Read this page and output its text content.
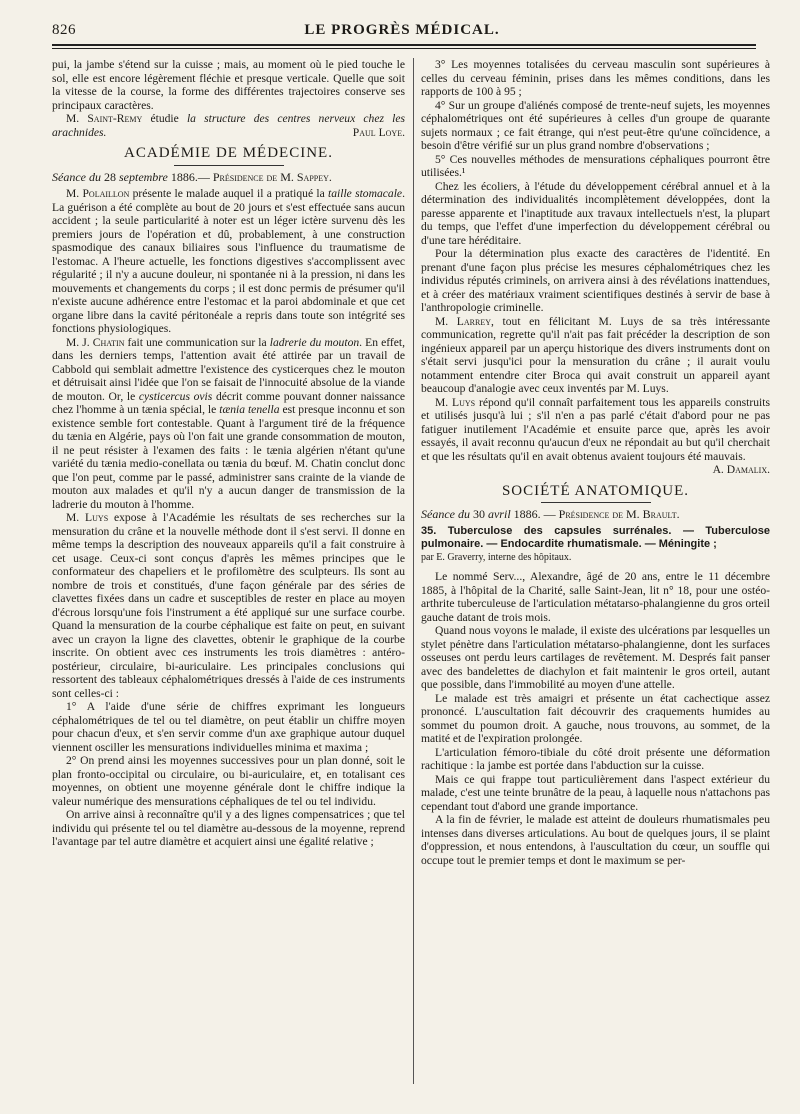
826	LE PROGRÈS MÉDICAL.

pui, la jambe s'étend sur la cuisse ; mais, au moment où le pied touche le sol, elle est encore légèrement fléchie et presque verticale. Quelle que soit la vitesse de la course, la forme des différentes trajectoires conserve ses principaux caractères.

M. Saint-Remy étudie la structure des centres nerveux chez les arachnides.	Paul Loye.

ACADÉMIE DE MÉDECINE.

Séance du 28 septembre 1886.— Présidence de M. Sappey.

M. Polaillon présente le malade auquel il a pratiqué la taille stomacale. La guérison a été complète au bout de 20 jours et s'est effectuée sans aucun accident ; la seule particularité à noter est un léger ictère survenu dès les premiers jours de l'opération et dû, probablement, à une construction spasmodique des canaux biliaires sous l'influence du traumatisme de l'estomac. A l'heure actuelle, les fonctions digestives s'accomplissent avec régularité ; il n'y a aucune douleur, ni spontanée ni à la pression, ni dans les mouvements et changements du corps ; il est donc permis de présumer qu'il n'existe aucune adhérence entre l'estomac et la paroi abdominale et que cet organe libre dans la cavité péritonéale a repris dans toute son intégrité ses fonctions physiologiques.

M. J. Chatin fait une communication sur la ladrerie du mouton. En effet, dans les derniers temps, l'attention avait été attirée par un travail de Cabbold qui semblait admettre l'existence des cysticerques chez le mouton et détruisait ainsi l'idée que l'on se faisait de l'innocuité absolue de la viande de mouton. Or, le cysticercus ovis décrit comme pouvant donner naissance chez l'homme à un tænia spécial, le tænia tenella est presque inconnu et son existence semble fort contestable. Quant à l'argument tiré de la fréquence du tænia en Algérie, pays où l'on fait une grande consommation de mouton, il ne peut résister à l'examen des faits : le tænia algérien n'étant qu'une variété du tænia medio-conellata ou tænia du bœuf. M. Chatin conclut donc que l'on peut, comme par le passé, administrer sans crainte de la viande de mouton aux malades et qu'il n'y a aucun danger de transmission de la ladrerie du mouton à l'homme.

M. Luys expose à l'Académie les résultats de ses recherches sur la mensuration du crâne et la nouvelle méthode dont il s'est servi. Il donne en même temps la description des nouveaux appareils qu'il a fait construire à cet usage. Ceux-ci sont conçus d'après les mêmes principes que le conformateur des chapeliers et le profilomètre des sculpteurs. Ils sont au nombre de trois et constitués, d'une façon générale par des séries de clavettes fixées dans un cadre et susceptibles de rester en place au moyen d'écrous lorsqu'une fois l'instrument a été appliqué sur une surface courbe. Quand la mensuration de la courbe céphalique est faite on peut, en suivant avec un crayon la ligne des clavettes, obtenir le graphique de la courbe inscrite. On obtient avec ces instruments les trois diamètres : antéro-postérieur, circulaire, bi-auriculaire. Les principales conclusions qui ressortent des tableaux céphalométriques dressés à l'aide de ces instruments sont celles-ci :

1° A l'aide d'une série de chiffres exprimant les longueurs céphalométriques de tel ou tel diamètre, on peut établir un chiffre moyen pour chacun d'eux, et s'en servir comme d'un axe graphique autour duquel viennent osciller les mensurations individuelles minima et maxima ;

2° On prend ainsi les moyennes successives pour un plan donné, soit le plan fronto-occipital ou circulaire, ou bi-auriculaire, et, en totalisant ces moyennes, on obtient une moyenne générale dont le chiffre indique la valeur numérique des mensurations céphaliques de tel ou tel individu.

On arrive ainsi à reconnaître qu'il y a des lignes compensatrices ; que tel individu qui présente tel ou tel diamètre au-dessous de la moyenne, reprend l'avantage par tel autre diamètre et acquiert ainsi une égalité relative ;

3° Les moyennes totalisées du cerveau masculin sont supérieures à celles du cerveau féminin, prises dans les mêmes conditions, dans les rapports de 100 à 95 ;

4° Sur un groupe d'aliénés composé de trente-neuf sujets, les moyennes céphalométriques ont été supérieures à celles d'un groupe de quarante sujets normaux ; ce fait étrange, qui n'est peut-être qu'une coïncidence, a besoin d'être vérifié sur un plus grand nombre d'observations ;

5° Ces nouvelles méthodes de mensurations céphaliques pourront être utilisées.¹

Chez les écoliers, à l'étude du développement cérébral annuel et à la détermination des individualités incomplètement développées, dont la paresse apparente et l'inaptitude aux travaux intellectuels n'est, la plupart du temps, que l'effet d'une imperfection du développement cérébral ou d'une tare héréditaire.

Pour la détermination plus exacte des caractères de l'identité. En prenant d'une façon plus précise les mesures céphalométriques chez les individus réputés criminels, on arrivera ainsi à des révélations inattendues, et à créer des matériaux vraiment scientifiques destinés à servir de base à l'anthropologie criminelle.

M. Larrey, tout en félicitant M. Luys de sa très intéressante communication, regrette qu'il n'ait pas fait précéder la description de son ingénieux appareil par un aperçu historique des divers instruments dont on s'était servi jusqu'ici pour la mensuration du crâne ; il aurait voulu notamment entendre citer Broca qui avait construit un appareil ayant beaucoup d'analogie avec ceux inventés par M. Luys.

M. Luys répond qu'il connaît parfaitement tous les appareils construits et utilisés jusqu'à lui ; s'il n'en a pas parlé c'était d'abord pour ne pas fatiguer inutilement l'Académie et ensuite parce que, après les avoir essayés, il avait reconnu qu'aucun d'eux ne répondait au but qu'il cherchait et que les résultats qu'il en avait obtenus avaient toujours été mauvais.
A. Damalix.

SOCIÉTÉ ANATOMIQUE.

Séance du 30 avril 1886. — Présidence de M. Brault.

35. Tuberculose des capsules surrénales. — Tuberculose pulmonaire. — Endocardite rhumatismale. — Méningite ;

par E. Graverry, interne des hôpitaux.

Le nommé Serv..., Alexandre, âgé de 20 ans, entre le 11 décembre 1885, à l'hôpital de la Charité, salle Saint-Jean, lit n° 18, pour une ostéo-arthrite tuberculeuse de l'articulation métatarso-phalangienne du gros orteil gauche datant de trois mois.

Quand nous voyons le malade, il existe des ulcérations par lesquelles un stylet pénètre dans l'articulation métatarso-phalangienne, dont les surfaces osseuses ont perdu leurs cartilages de revêtement. M. Després fait panser avec des bandelettes de diachylon et fait maintenir le gros orteil, autant que possible, dans l'immobilité au moyen d'une attelle.

Le malade est très amaigri et présente un état cachectique assez prononcé. L'auscultation fait découvrir des craquements humides au sommet du poumon droit. A gauche, nous trouvons, au sommet, de la matité et de l'expiration prolongée.

L'articulation fémoro-tibiale du côté droit présente une déformation rachitique : la jambe est portée dans l'abduction sur la cuisse.

Mais ce qui frappe tout particulièrement dans l'aspect extérieur du malade, c'est une teinte brunâtre de la peau, à laquelle nous n'attachons pas cependant tout d'abord une grande importance.

A la fin de février, le malade est atteint de douleurs rhumatismales peu intenses dans diverses articulations. Au bout de quelques jours, il se plaint d'oppression, et nous entendons, à l'auscultation du cœur, un souffle qui occupe tout le premier temps et dont le maximum se per-
